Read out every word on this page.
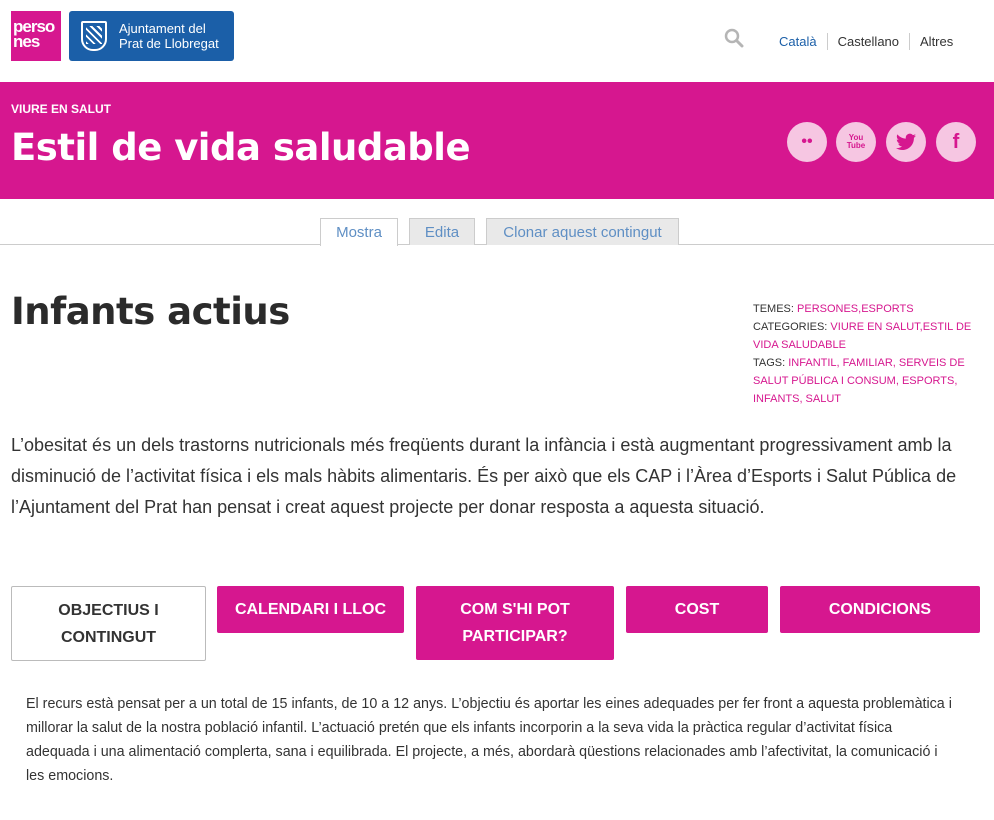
perso nes
Ajuntament del
Prat de Llobregat	Català	Castellano	Altres
VIURE EN SALUT
Estil de vida saludable	••	You
Tube	f
Mostra	Edita	Clonar aquest contingut
Infants actius	TEMES: PERSONES,ESPORTS
CATEGORIES: VIURE EN SALUT,ESTIL DE VIDA SALUDABLE
TAGS: INFANTIL, FAMILIAR, SERVEIS DE SALUT PÚBLICA I CONSUM, ESPORTS, INFANTS, SALUT

L’obesitat és un dels trastorns nutricionals més freqüents durant la infància i està augmentant progressivament amb la disminució de l’activitat física i els mals hàbits alimentaris. És per això que els CAP i l’Àrea d’Esports i Salut Pública de l’Ajuntament del Prat han pensat i creat aquest projecte per donar resposta a aquesta situació.

OBJECTIUS I CONTINGUT
CALENDARI I LLOC	COM S'HI POT PARTICIPAR?
COST	CONDICIONS

El recurs està pensat per a un total de 15 infants, de 10 a 12 anys. L’objectiu és aportar les eines adequades per fer front a aquesta problemàtica i millorar la salut de la nostra població infantil. L’actuació pretén que els infants incorporin a la seva vida la pràctica regular d’activitat física adequada i una alimentació complerta, sana i equilibrada. El projecte, a més, abordarà qüestions relacionades amb l’afectivitat, la comunicació i les emocions.
